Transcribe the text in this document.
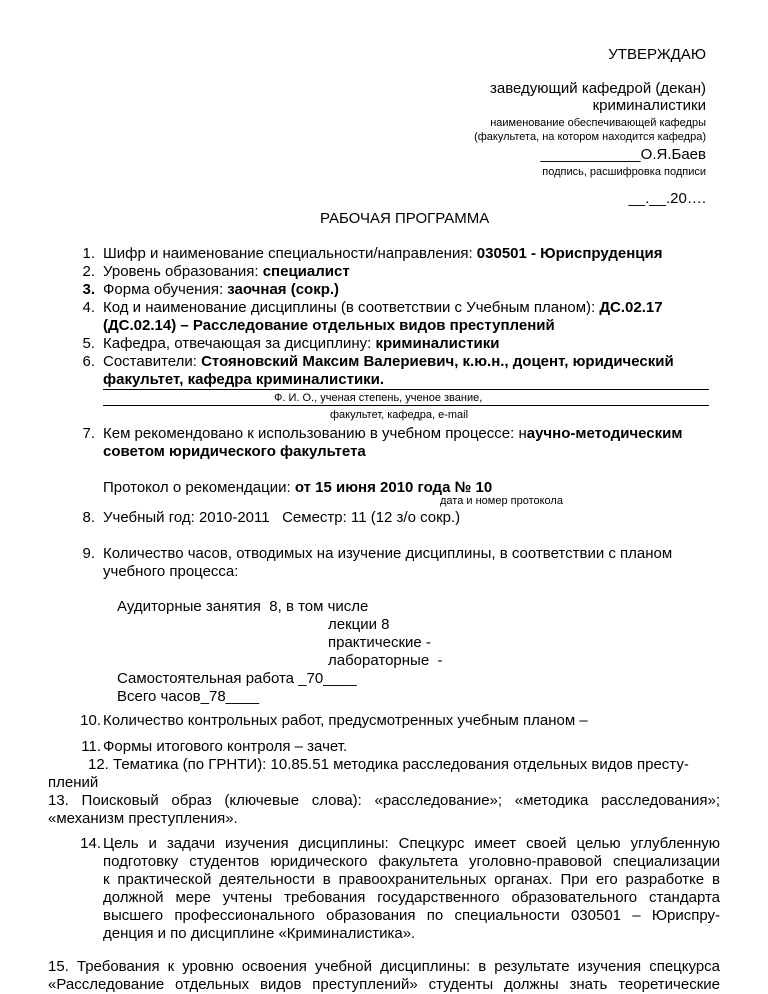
УТВЕРЖДАЮ
заведующий кафедрой (декан)
криминалистики
наименование обеспечивающей кафедры
(факультета, на котором находится кафедра)
____________О.Я.Баев
подпись, расшифровка подписи
__.__.20….
РАБОЧАЯ ПРОГРАММА
1. Шифр и наименование специальности/направления: 030501 - Юриспруденция
2. Уровень образования: специалист
3. Форма обучения: заочная (сокр.)
4. Код и наименование дисциплины (в соответствии с Учебным планом): ДС.02.17
(ДС.02.14) – Расследование отдельных видов преступлений
5. Кафедра, отвечающая за дисциплину: криминалистики
6. Составители: Стояновский Максим Валериевич, к.ю.н., доцент, юридический
факультет, кафедра криминалистики.
Ф. И. О., ученая степень, ученое звание,
факультет, кафедра, e-mail
7. Кем рекомендовано к использованию в учебном процессе: научно-методическим
советом юридического факультета
Протокол о рекомендации: от 15 июня 2010 года № 10
дата и номер протокола
8. Учебный год: 2010-2011   Семестр: 11 (12 з/о сокр.)
9. Количество часов, отводимых на изучение дисциплины, в соответствии с планом
учебного процесса:
Аудиторные занятия  8, в том числе
лекции 8
практические -
лабораторные  -
Самостоятельная работа _70____
Всего часов_78____
10. Количество контрольных работ, предусмотренных учебным планом –
11. Формы итогового контроля – зачет.
12. Тематика (по ГРНТИ): 10.85.51 методика расследования отдельных видов престу-
плений
13. Поисковый образ (ключевые слова): «расследование»; «методика расследования»;
«механизм преступления».
14. Цель и задачи изучения дисциплины: Спецкурс имеет своей целью углубленную
подготовку студентов юридического факультета уголовно-правовой специализации
к практической деятельности в правоохранительных органах. При его разработке в
должной мере учтены требования государственного образовательного стандарта
высшего профессионального образования по специальности 030501 – Юриспру-
денция и по дисциплине «Криминалистика».
15. Требования к уровню освоения учебной дисциплины: в результате изучения спецкурса
«Расследование отдельных видов преступлений» студенты должны знать теоретические
